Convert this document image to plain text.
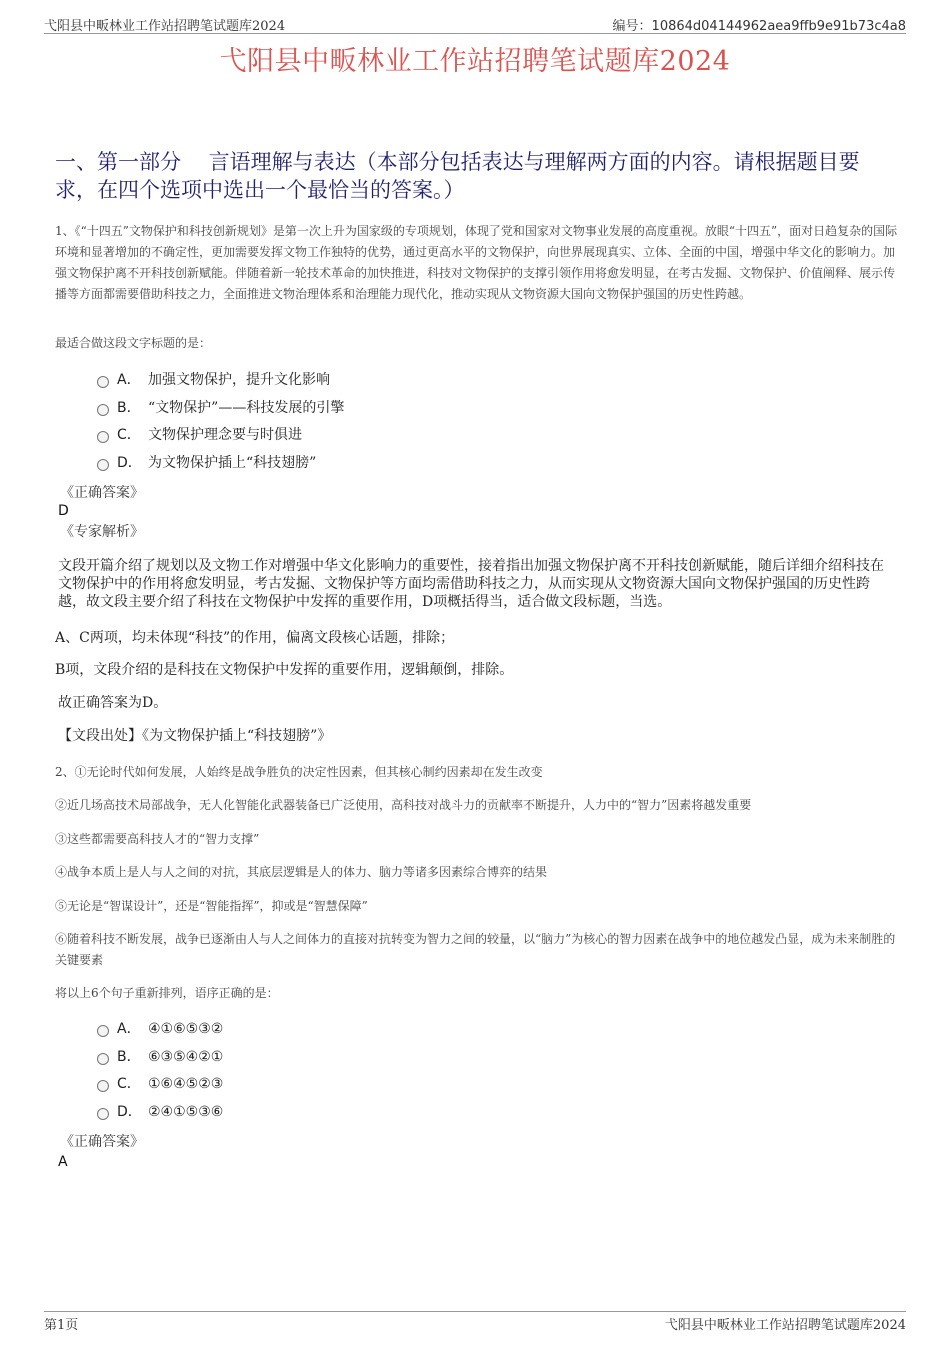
弋阳县中畈林业工作站招聘笔试题库2024	编号：10864d04144962aea9ffb9e91b73c4a8
弋阳县中畈林业工作站招聘笔试题库2024
一、第一部分　 言语理解与表达（本部分包括表达与理解两方面的内容。请根据题目要求，在四个选项中选出一个最恰当的答案。）
1、《“十四五”文物保护和科技创新规划》是第一次上升为国家级的专项规划，体现了党和国家对文物事业发展的高度重视。放眼“十四五”，面对日趋复杂的国际环境和显著增加的不确定性，更加需要发挥文物工作独特的优势，通过更高水平的文物保护，向世界展现真实、立体、全面的中国，增强中华文化的影响力。加强文物保护离不开科技创新赋能。伴随着新一轮技术革命的加快推进，科技对文物保护的支撑引领作用将愈发明显，在考古发掘、文物保护、价值阐释、展示传播等方面都需要借助科技之力，全面推进文物治理体系和治理能力现代化，推动实现从文物资源大国向文物保护强国的历史性跨越。
最适合做这段文字标题的是：
A． 加强文物保护，提升文化影响
B． “文物保护”——科技发展的引擎
C． 文物保护理念要与时俱进
D． 为文物保护插上“科技翅膀”
《正确答案》
D
《专家解析》
文段开篇介绍了规划以及文物工作对增强中华文化影响力的重要性，接着指出加强文物保护离不开科技创新赋能，随后详细介绍科技在文物保护中的作用将愈发明显，考古发掘、文物保护等方面均需借助科技之力，从而实现从文物资源大国向文物保护强国的历史性跨越，故文段主要介绍了科技在文物保护中发挥的重要作用，D项概括得当，适合做文段标题，当选。
A、C两项，均未体现“科技”的作用，偏离文段核心话题，排除；
B项，文段介绍的是科技在文物保护中发挥的重要作用，逻辑颠倒，排除。
故正确答案为D。
【文段出处】《为文物保护插上“科技翅膀”》
2、①无论时代如何发展，人始终是战争胜负的决定性因素，但其核心制约因素却在发生改变
②近几场高技术局部战争，无人化智能化武器装备已广泛使用，高科技对战斗力的贡献率不断提升，人力中的“智力”因素将越发重要
③这些都需要高科技人才的“智力支撑”
④战争本质上是人与人之间的对抗，其底层逻辑是人的体力、脑力等诸多因素综合博弈的结果
⑤无论是“智谋设计”，还是“智能指挥”，抑或是“智慧保障”
⑥随着科技不断发展，战争已逐渐由人与人之间体力的直接对抗转变为智力之间的较量，以“脑力”为核心的智力因素在战争中的地位越发凸显，成为未来制胜的关键要素
将以上6个句子重新排列，语序正确的是：
A． ④①⑥⑤③②
B． ⑥③⑤④②①
C． ①⑥④⑤②③
D． ②④①⑤③⑥
《正确答案》
A
第1页	弋阳县中畈林业工作站招聘笔试题库2024
